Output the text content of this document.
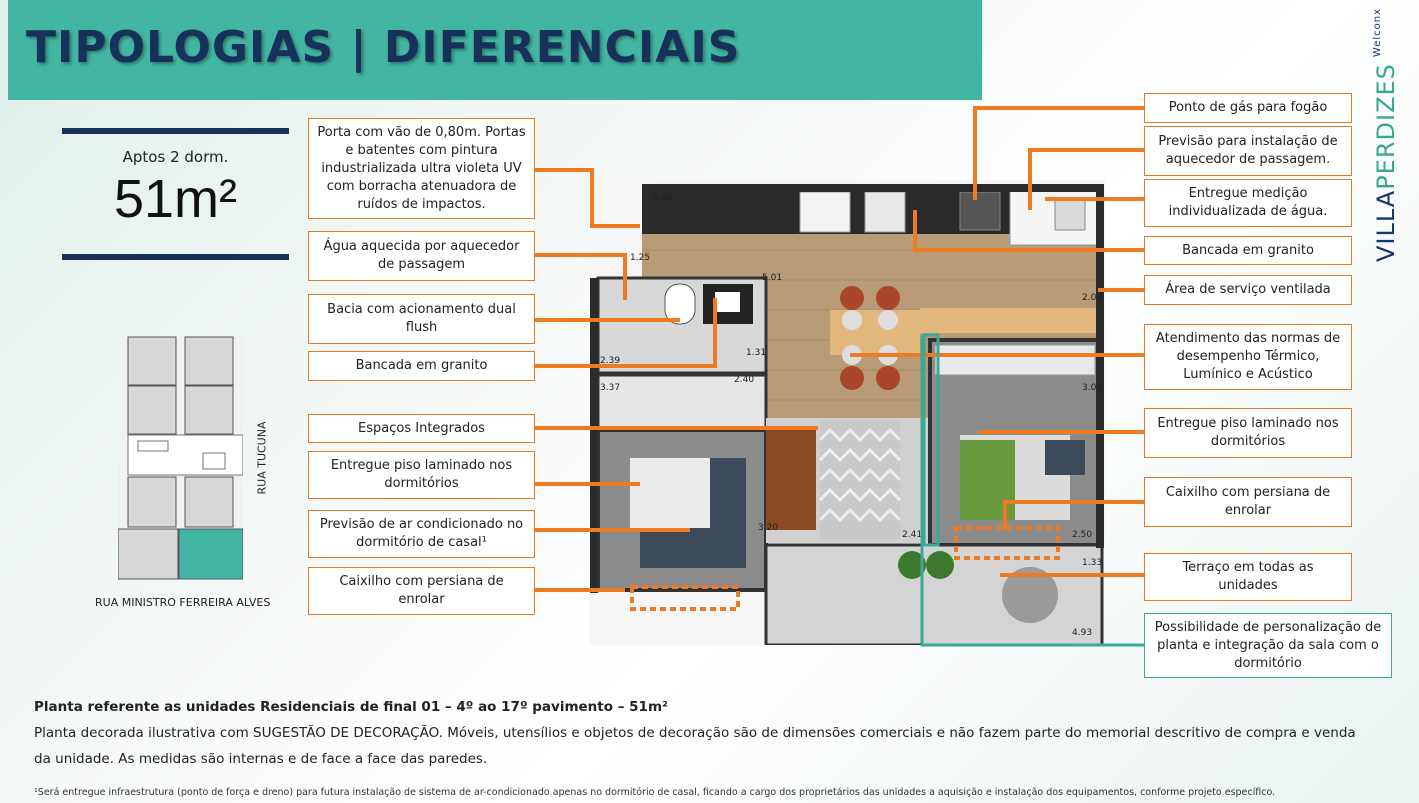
TIPOLOGIAS | DIFERENCIAIS
$VILLAPERDIZES^{Welconx}$
Aptos 2 dorm.
51m²
RUA TUCUNA
RUA MINISTRO FERREIRA ALVES
5.40
1.25
5.01
2.05
2.39
1.31
2.40
3.37	3.05
3.20
2.41	2.50
1.33
4.93
Porta com vão de 0,80m. Portas e batentes com pintura industrializada ultra violeta UV com borracha atenuadora de ruídos de impactos.
Água aquecida por aquecedor de passagem
Bacia com acionamento dual flush
Bancada em granito
Espaços Integrados
Entregue piso laminado nos dormitórios
Previsão de ar condicionado no dormitório de casal¹
Caixilho com persiana de enrolar
Ponto de gás para fogão
Previsão para instalação de aquecedor de passagem.
Entregue medição individualizada de água.
Bancada em granito
Área de serviço ventilada
Atendimento das normas de desempenho Térmico, Lumínico e Acústico
Entregue piso laminado nos dormitórios
Caixilho com persiana de enrolar
Terraço em todas as unidades
Possibilidade de personalização de planta e integração da sala com o dormitório

Planta referente as unidades Residenciais de final 01 – 4º ao 17º pavimento – 51m²

Planta decorada ilustrativa com SUGESTÃO DE DECORAÇÃO. Móveis, utensílios e objetos de decoração são de dimensões comerciais e não fazem parte do memorial descritivo de compra e venda da unidade. As medidas são internas e de face a face das paredes.

¹Será entregue infraestrutura (ponto de força e dreno) para futura instalação de sistema de ar-condicionado apenas no dormitório de casal, ficando a cargo dos proprietários das unidades a aquisição e instalação dos equipamentos, conforme projeto específico.
